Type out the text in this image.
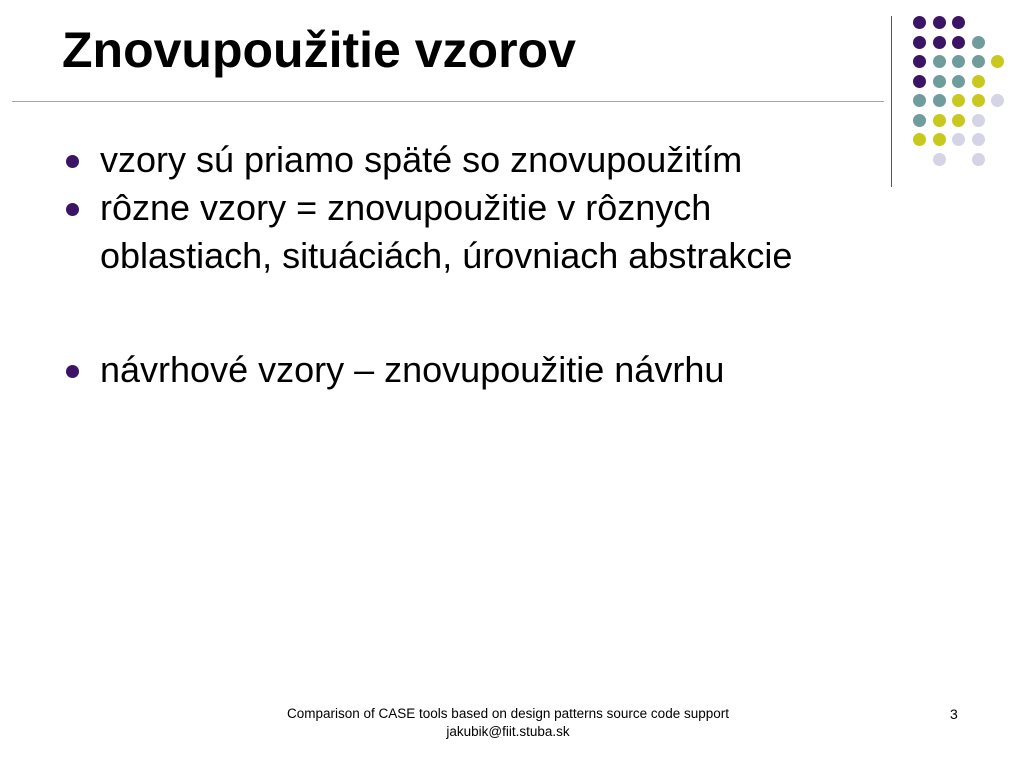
Znovupoužitie vzorov
vzory sú priamo späté so znovupoužitím
rôzne vzory = znovupoužitie v rôznych
oblastiach, situáciách, úrovniach abstrakcie
návrhové vzory – znovupoužitie návrhu
Comparison of CASE tools based on design patterns source code support
jakubik@fiit.stuba.sk
3
